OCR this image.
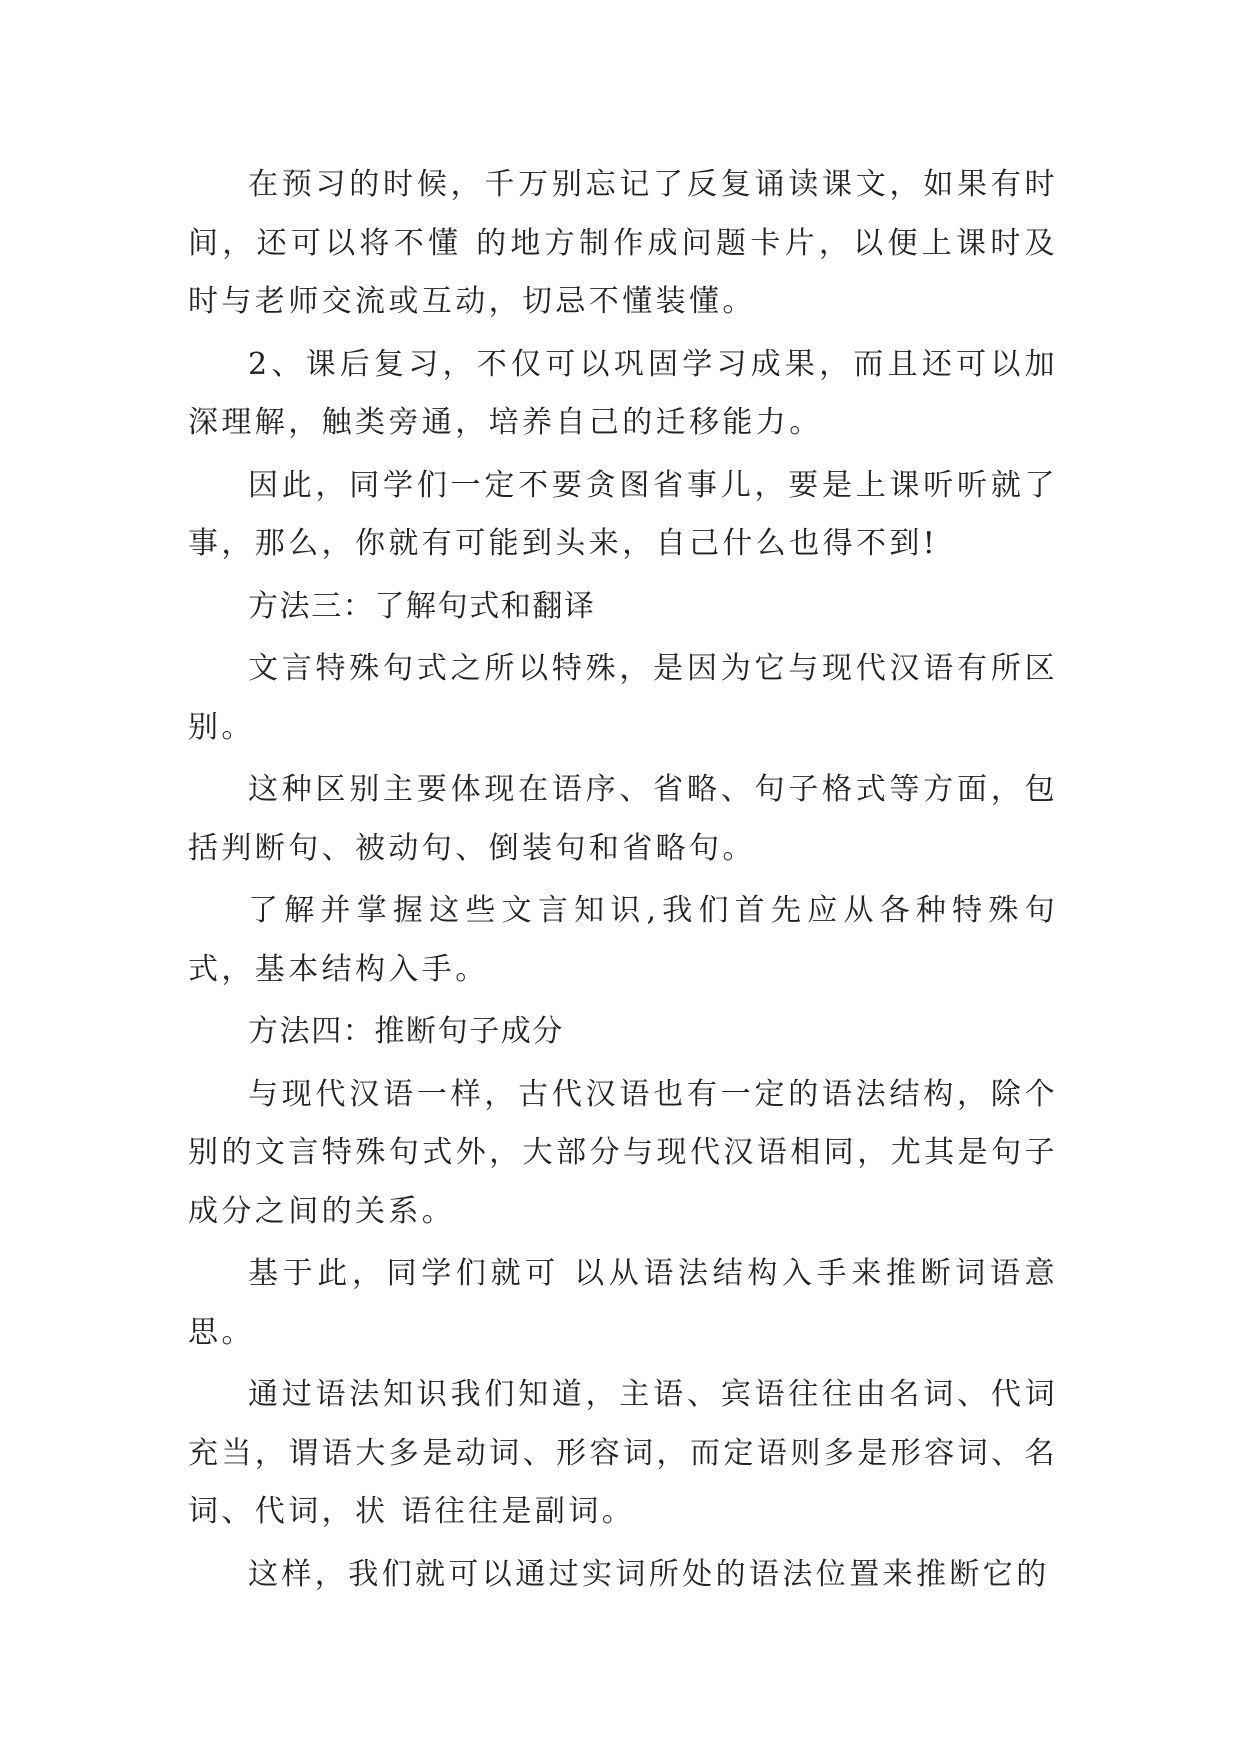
在预习的时候，千万别忘记了反复诵读课文，如果有时间，还可以将不懂 的地方制作成问题卡片，以便上课时及时与老师交流或互动，切忌不懂装懂。

2、课后复习，不仅可以巩固学习成果，而且还可以加深理解，触类旁通，培养自己的迁移能力。

因此，同学们一定不要贪图省事儿，要是上课听听就了事，那么，你就有可能到头来，自己什么也得不到!

方法三：了解句式和翻译

文言特殊句式之所以特殊，是因为它与现代汉语有所区别。

这种区别主要体现在语序、省略、句子格式等方面，包括判断句、被动句、倒装句和省略句。

了解并掌握这些文言知识,我们首先应从各种特殊句式，基本结构入手。

方法四：推断句子成分

与现代汉语一样，古代汉语也有一定的语法结构，除个别的文言特殊句式外，大部分与现代汉语相同，尤其是句子成分之间的关系。

基于此，同学们就可 以从语法结构入手来推断词语意思。

通过语法知识我们知道，主语、宾语往往由名词、代词充当，谓语大多是动词、形容词，而定语则多是形容词、名词、代词，状 语往往是副词。

这样，我们就可以通过实词所处的语法位置来推断它的
